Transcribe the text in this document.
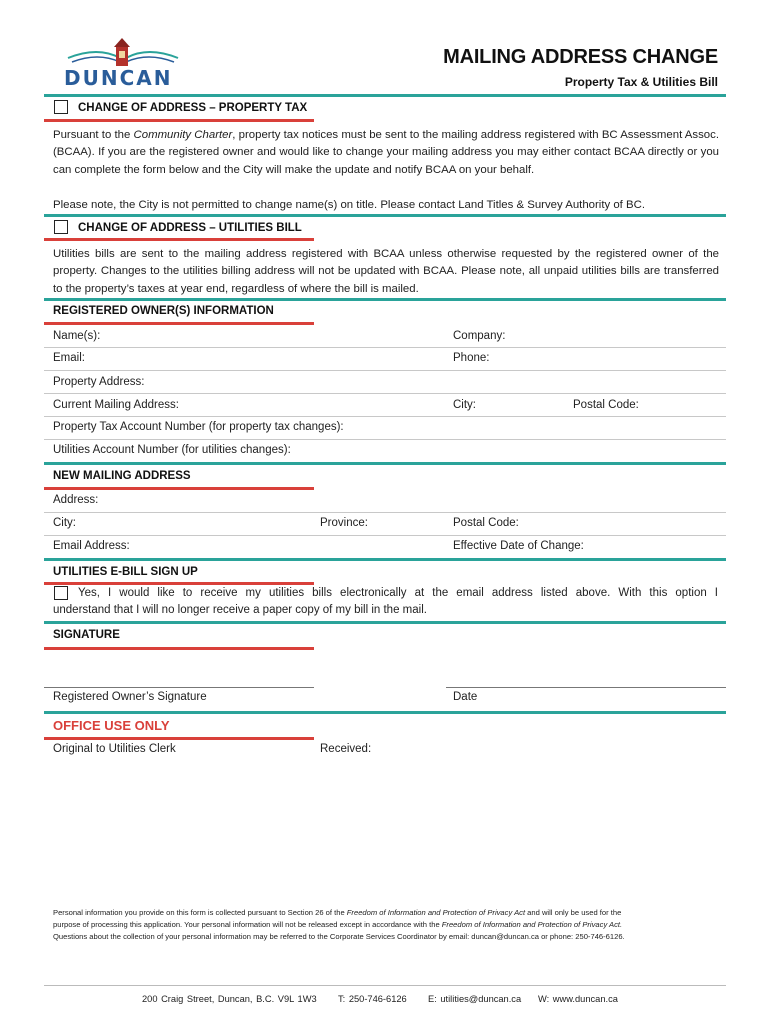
DUNCAN
MAILING ADDRESS CHANGE
Property Tax & Utilities Bill
CHANGE OF ADDRESS – PROPERTY TAX
Pursuant to the Community Charter, property tax notices must be sent to the mailing address registered with BC Assessment Assoc. (BCAA). If you are the registered owner and would like to change your mailing address you may either contact BCAA directly or you can complete the form below and the City will make the update and notify BCAA on your behalf.
Please note, the City is not permitted to change name(s) on title. Please contact Land Titles & Survey Authority of BC.
CHANGE OF ADDRESS – UTILITIES BILL
Utilities bills are sent to the mailing address registered with BCAA unless otherwise requested by the registered owner of the property. Changes to the utilities billing address will not be updated with BCAA. Please note, all unpaid utilities bills are transferred to the property’s taxes at year end, regardless of where the bill is mailed.
REGISTERED OWNER(S) INFORMATION
Name(s):	Company:
Email:	Phone:
Property Address:
Current Mailing Address:	City:	Postal Code:
Property Tax Account Number (for property tax changes):
Utilities Account Number (for utilities changes):
NEW MAILING ADDRESS
Address:
City:	Province:	Postal Code:
Email Address:	Effective Date of Change:
UTILITIES E-BILL SIGN UP
Yes, I would like to receive my utilities bills electronically at the email address listed above. With this option I
understand that I will no longer receive a paper copy of my bill in the mail.
SIGNATURE
Registered Owner’s Signature	Date
OFFICE USE ONLY
Original to Utilities Clerk	Received:
Personal information you provide on this form is collected pursuant to Section 26 of the Freedom of Information and Protection of Privacy Act and will only be used for the
purpose of processing this application. Your personal information will not be released except in accordance with the Freedom of Information and Protection of Privacy Act.
Questions about the collection of your personal information may be referred to the Corporate Services Coordinator by email: duncan@duncan.ca or phone: 250-746-6126.
200 Craig Street, Duncan, B.C. V9L 1W3 T: 250-746-6126 E: utilities@duncan.ca W: www.duncan.ca
